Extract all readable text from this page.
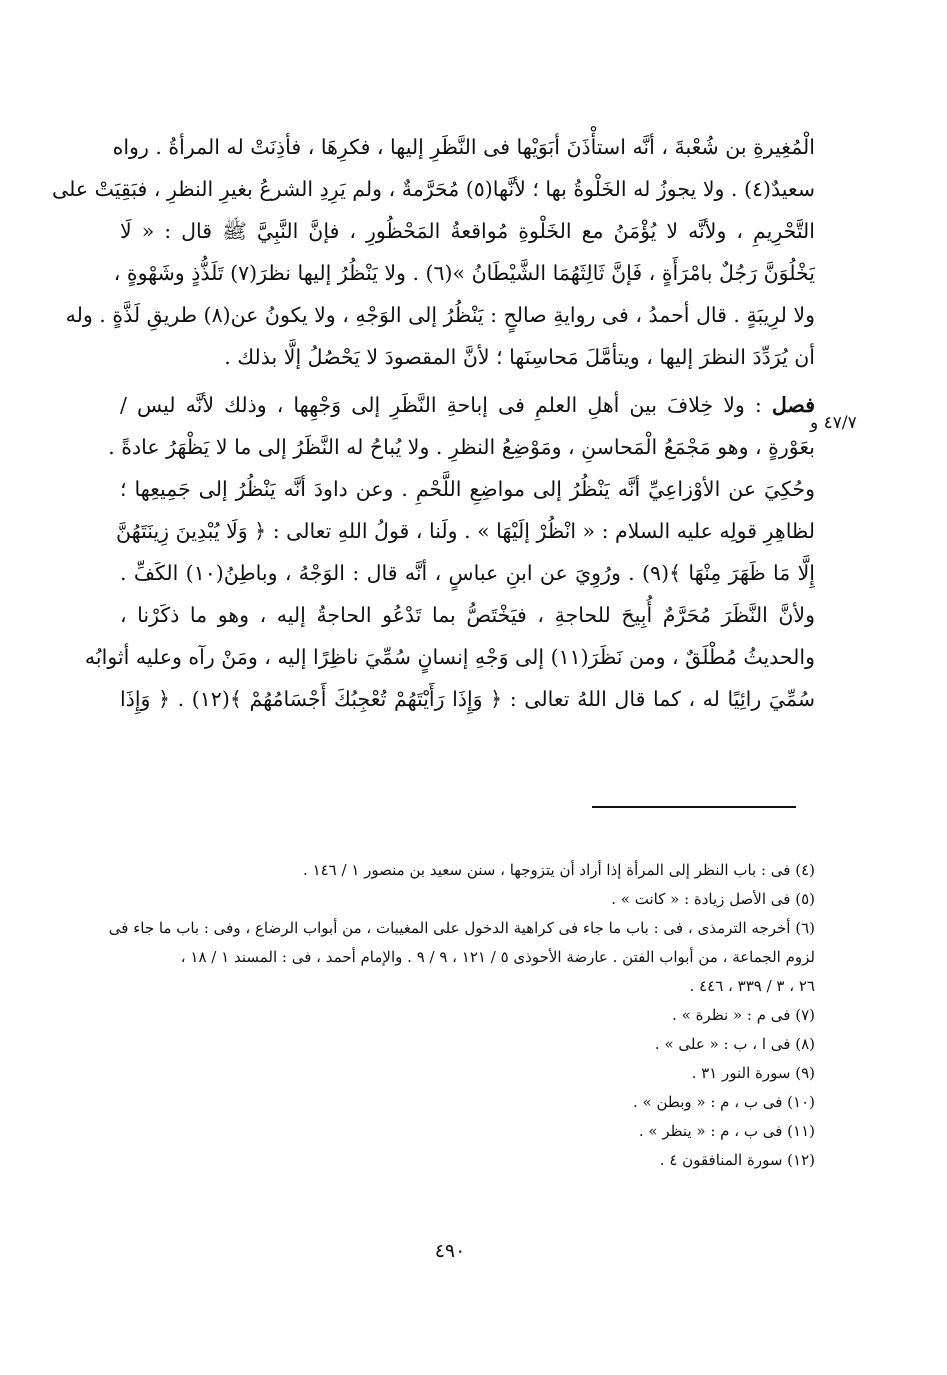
الْمُغِيرةِ بن شُعْبةَ ، أنَّه استأْذَنَ أبَوَيْها فى النَّظَرِ إليها ، فكرِهَا ، فأذِنَتْ له المرأةُ . رواه
سعيدٌ(٤) . ولا يجوزُ له الخَلْوةُ بها ؛ لأنَّها(٥) مُحَرَّمةٌ ، ولم يَرِدِ الشرعُ بغيرِ النظرِ ، فبَقِيَتْ على
التَّحْرِيمِ ، ولأنَّه لا يُؤْمَنُ مع الخَلْوةِ مُواقعةُ المَحْظُورِ ، فإنَّ النَّبِيَّ ﷺ قال : « لَا
يَخْلُوَنَّ رَجُلٌ بامْرَأَةٍ ، فَإنَّ ثَالِثَهُمَا الشَّيْطَانُ »(٦) . ولا يَنْظُرُ إليها نظرَ(٧) تَلَذُّذٍ وشَهْوةٍ ،
ولا لرِيبَةٍ . قال أحمدُ ، فى روايةِ صالحٍ : يَنْظُرُ إلى الوَجْهِ ، ولا يكونُ عن(٨) طريقِ لَذَّةٍ . وله
أن يُرَدِّدَ النظرَ إليها ، ويتأمَّلَ مَحاسِنَها ؛ لأنَّ المقصودَ لا يَحْصُلُ إلَّا بذلك .
فصل : ولا خِلافَ بين أهلِ العلمِ فى إباحةِ النَّظَرِ إلى وَجْهِها ، وذلك لأنَّه ليس /
بعَوْرةٍ ، وهو مَجْمَعُ الْمَحاسنِ ، ومَوْضِعُ النظرِ . ولا يُباحُ له النَّظَرُ إلى ما لا يَظْهَرُ عادةً .
وحُكِيَ عن الأوْزاعِيِّ أنَّه يَنْظُرُ إلى مواضِعِ اللَّحْمِ . وعن داودَ أنَّه يَنْظُرُ إلى جَمِيعِها ؛
لظاهِرِ قولِه عليه السلام : « انْظُرْ إلَيْهَا » . ولَنا ، قولُ اللهِ تعالى : ﴿ وَلَا يُبْدِينَ زِينَتَهُنَّ
إِلَّا مَا ظَهَرَ مِنْهَا ﴾(٩) . ورُوِيَ عن ابنِ عباسٍ ، أنَّه قال : الوَجْهُ ، وباطِنُ(١٠) الكَفِّ .
ولأنَّ النَّظَرَ مُحَرَّمٌ أُبِيحَ للحاجةِ ، فيَخْتَصُّ بما تَدْعُو الحاجةُ إليه ، وهو ما ذكَرْنا ،
والحديثُ مُطْلَقٌ ، ومن نَظَرَ(١١) إلى وَجْهِ إنسانٍ سُمِّيَ ناظِرًا إليه ، ومَنْ رآه وعليه أثوابُه
سُمِّيَ رائِيًا له ، كما قال اللهُ تعالى : ﴿ وَإِذَا رَأَيْتَهُمْ تُعْجِبُكَ أَجْسَامُهُمْ ﴾(١٢) . ﴿ وَإِذَا
٤٧/٧ و
(٤) فى : باب النظر إلى المرأة إذا أراد أن يتزوجها ، سنن سعيد بن منصور ١ / ١٤٦ .
(٥) فى الأصل زيادة : « كانت » .
(٦) أخرجه الترمذى ، فى : باب ما جاء فى كراهية الدخول على المغيبات ، من أبواب الرضاع ، وفى : باب ما جاء فى
لزوم الجماعة ، من أبواب الفتن . عارضة الأحوذى ٥ / ١٢١ ، ٩ / ٩ . والإمام أحمد ، فى : المسند ١ / ١٨ ،
٢٦ ، ٣ / ٣٣٩ ، ٤٤٦ .
(٧) فى م : « نظرة » .
(٨) فى ا ، ب : « على » .
(٩) سورة النور ٣١ .
(١٠) فى ب ، م : « وبطن » .
(١١) فى ب ، م : « ينظر » .
(١٢) سورة المنافقون ٤ .
٤٩٠
